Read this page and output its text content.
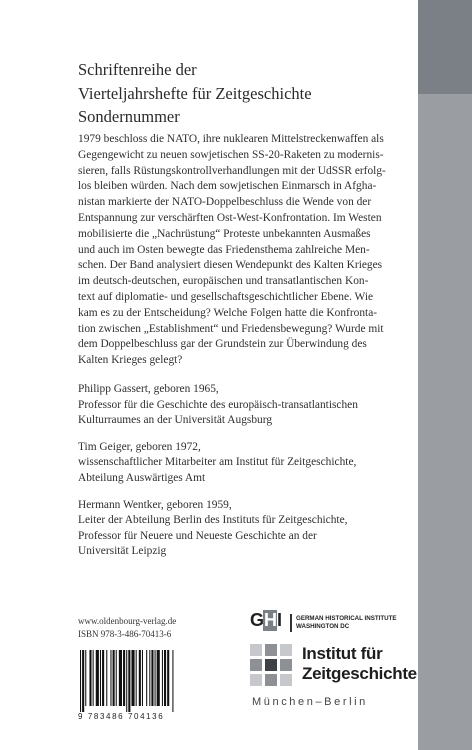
Schriftenreihe der
Vierteljahrshefte für Zeitgeschichte
Sondernummer
1979 beschloss die NATO, ihre nuklearen Mittelstreckenwaffen als
Gegengewicht zu neuen sowjetischen SS-20-Raketen zu modernis-
sieren, falls Rüstungskontrollverhandlungen mit der UdSSR erfolg-
los bleiben würden. Nach dem sowjetischen Einmarsch in Afgha-
nistan markierte der NATO-Doppelbeschluss die Wende von der
Entspannung zur verschärften Ost-West-Konfrontation. Im Westen
mobilisierte die „Nachrüstung“ Proteste unbekannten Ausmaßes
und auch im Osten bewegte das Friedensthema zahlreiche Men-
schen. Der Band analysiert diesen Wendepunkt des Kalten Krieges
im deutsch-deutschen, europäischen und transatlantischen Kon-
text auf diplomatie- und gesellschaftsgeschichtlicher Ebene. Wie
kam es zu der Entscheidung? Welche Folgen hatte die Konfronta-
tion zwischen „Establishment“ und Friedensbewegung? Wurde mit
dem Doppelbeschluss gar der Grundstein zur Überwindung des
Kalten Krieges gelegt?
Philipp Gassert, geboren 1965,
Professor für die Geschichte des europäisch-transatlantischen
Kulturraumes an der Universität Augsburg
Tim Geiger, geboren 1972,
wissenschaftlicher Mitarbeiter am Institut für Zeitgeschichte,
Abteilung Auswärtiges Amt
Hermann Wentker, geboren 1959,
Leiter der Abteilung Berlin des Instituts für Zeitgeschichte,
Professor für Neuere und Neueste Geschichte an der
Universität Leipzig
www.oldenbourg-verlag.de
ISBN 978-3-486-70413-6
9 783486 704136
GHI GERMAN HISTORICAL INSTITUTE
WASHINGTON DC
Institut für
Zeitgeschichte
München–Berlin
